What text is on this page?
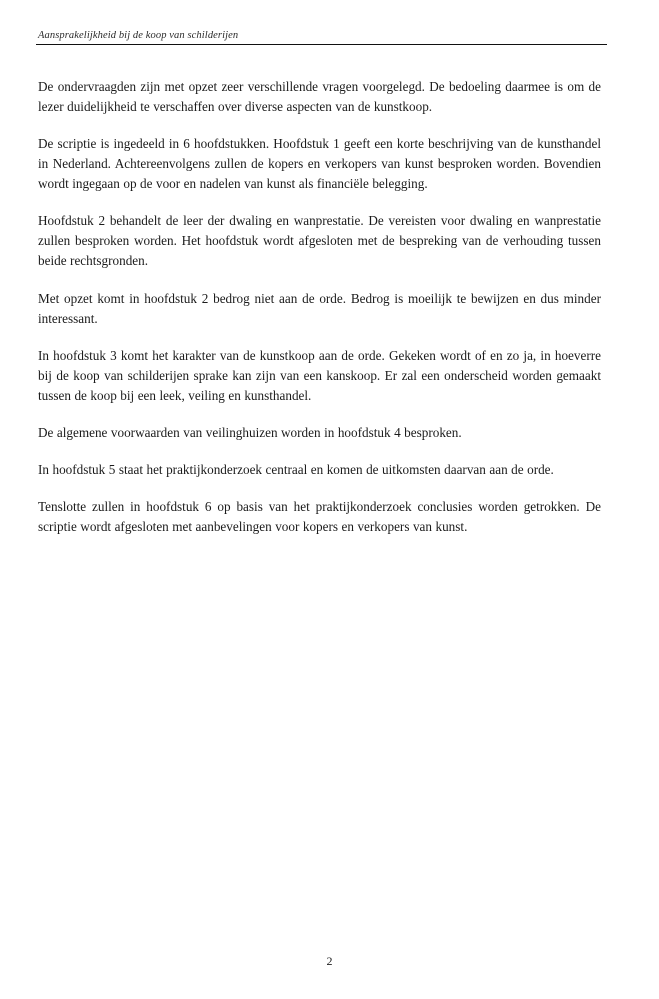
Aansprakelijkheid bij de koop van schilderijen

De ondervraagden zijn met opzet zeer verschillende vragen voorgelegd. De bedoeling daarmee is om de lezer duidelijkheid te verschaffen over diverse aspecten van de kunstkoop.

De scriptie is ingedeeld in 6 hoofdstukken. Hoofdstuk 1 geeft een korte beschrijving van de kunsthandel in Nederland. Achtereenvolgens zullen de kopers en verkopers van kunst besproken worden. Bovendien wordt ingegaan op de voor en nadelen van kunst als financiële belegging.

Hoofdstuk 2 behandelt de leer der dwaling en wanprestatie. De vereisten voor dwaling en wanprestatie zullen besproken worden. Het hoofdstuk wordt afgesloten met de bespreking van de verhouding tussen beide rechtsgronden.

Met opzet komt in hoofdstuk 2 bedrog niet aan de orde. Bedrog is moeilijk te bewijzen en dus minder interessant.

In hoofdstuk 3 komt het karakter van de kunstkoop aan de orde. Gekeken wordt of en zo ja, in hoeverre bij de koop van schilderijen sprake kan zijn van een kanskoop. Er zal een onderscheid worden gemaakt tussen de koop bij een leek, veiling en kunsthandel.

De algemene voorwaarden van veilinghuizen worden in hoofdstuk 4 besproken.

In hoofdstuk 5 staat het praktijkonderzoek centraal en komen de uitkomsten daarvan aan de orde.

Tenslotte zullen in hoofdstuk 6 op basis van het praktijkonderzoek conclusies worden getrokken. De scriptie wordt afgesloten met aanbevelingen voor kopers en verkopers van kunst.

2
